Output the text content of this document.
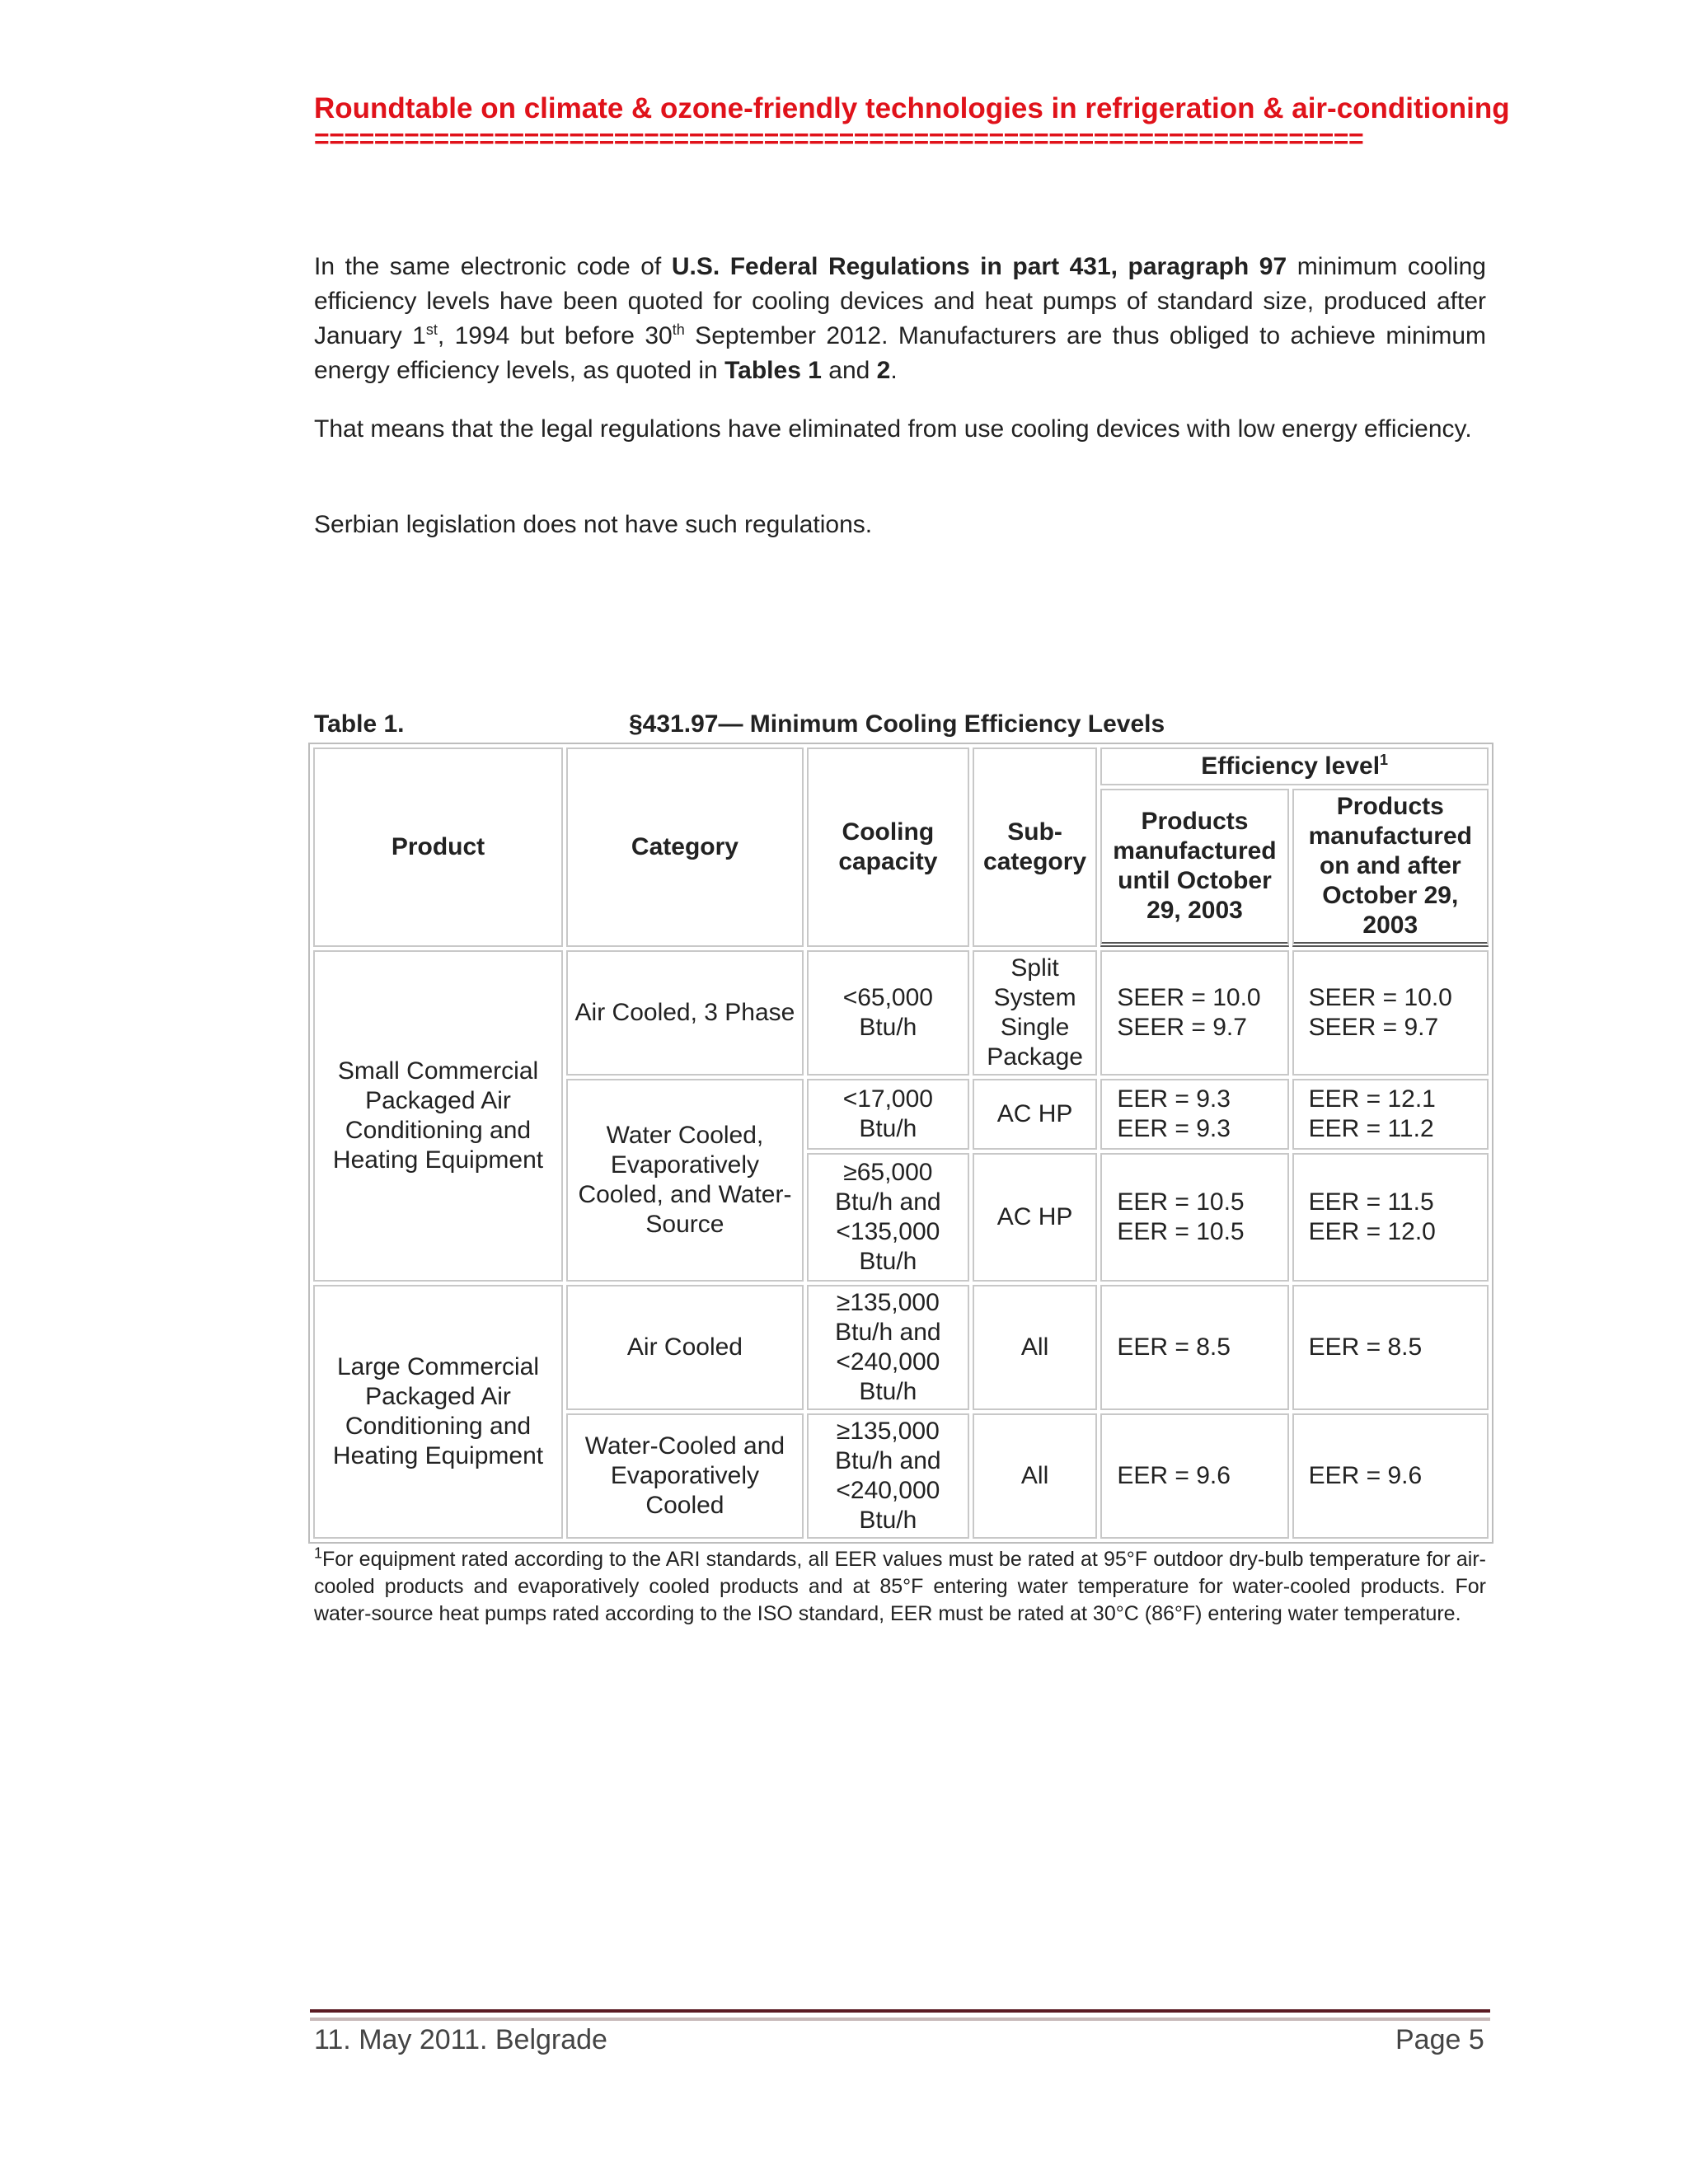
Roundtable on climate & ozone-friendly technologies in refrigeration & air-conditioning
======================================================================
In the same electronic code of U.S. Federal Regulations in part 431, paragraph 97 minimum cooling efficiency levels have been quoted for cooling devices and heat pumps of standard size, produced after January 1st, 1994 but before 30th September 2012. Manufacturers are thus obliged to achieve minimum energy efficiency levels, as quoted in Tables 1 and 2.
That means that the legal regulations have eliminated from use cooling devices with low energy efficiency.
Serbian legislation does not have such regulations.
Table 1.	§431.97— Minimum Cooling Efficiency Levels
Product	Category	Cooling capacity	Sub-category	Efficiency level$^1$
				Products manufactured until October 29, 2003	Products manufactured on and after October 29, 2003
Small Commercial Packaged Air Conditioning and Heating Equipment	Air Cooled, 3 Phase	<65,000 Btu/h	Split System Single Package	SEER = 10.0 SEER = 9.7	SEER = 10.0 SEER = 9.7
	Water Cooled, Evaporatively Cooled, and Water-Source	<17,000 Btu/h	AC HP	EER = 9.3 EER = 9.3	EER = 12.1 EER = 11.2
		≥65,000 Btu/h and <135,000 Btu/h	AC HP	EER = 10.5 EER = 10.5	EER = 11.5 EER = 12.0
Large Commercial Packaged Air Conditioning and Heating Equipment	Air Cooled	≥135,000 Btu/h and <240,000 Btu/h	All	EER = 8.5	EER = 8.5
	Water-Cooled and Evaporatively Cooled	≥135,000 Btu/h and <240,000 Btu/h	All	EER = 9.6	EER = 9.6
$^1$For equipment rated according to the ARI standards, all EER values must be rated at 95°F outdoor dry-bulb temperature for air-cooled products and evaporatively cooled products and at 85°F entering water temperature for water-cooled products. For water-source heat pumps rated according to the ISO standard, EER must be rated at 30°C (86°F) entering water temperature.
11. May 2011. Belgrade	Page 5
